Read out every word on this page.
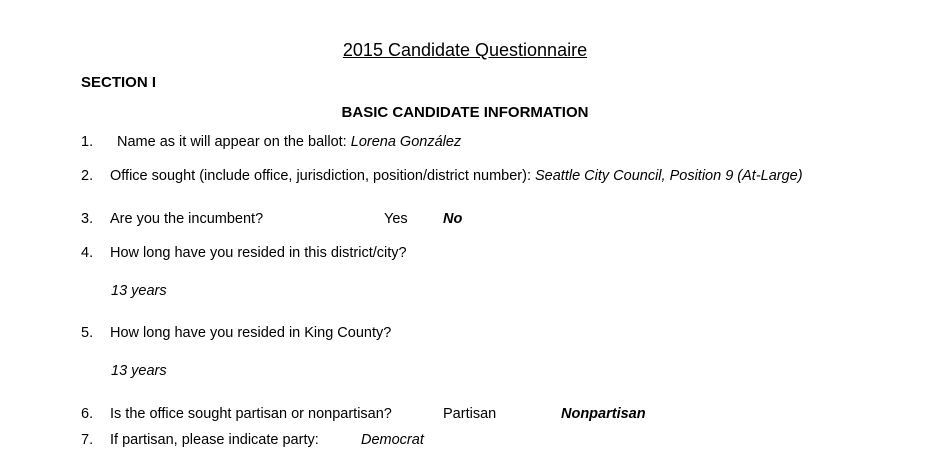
2015 Candidate Questionnaire
SECTION I
BASIC CANDIDATE INFORMATION
1. Name as it will appear on the ballot: Lorena González
2. Office sought (include office, jurisdiction, position/district number): Seattle City Council, Position 9 (At-Large)
3. Are you the incumbent?	Yes No
4. How long have you resided in this district/city?
13 years
5. How long have you resided in King County?
13 years
6. Is the office sought partisan or nonpartisan?	Partisan	Nonpartisan
7. If partisan, please indicate party:	Democrat
